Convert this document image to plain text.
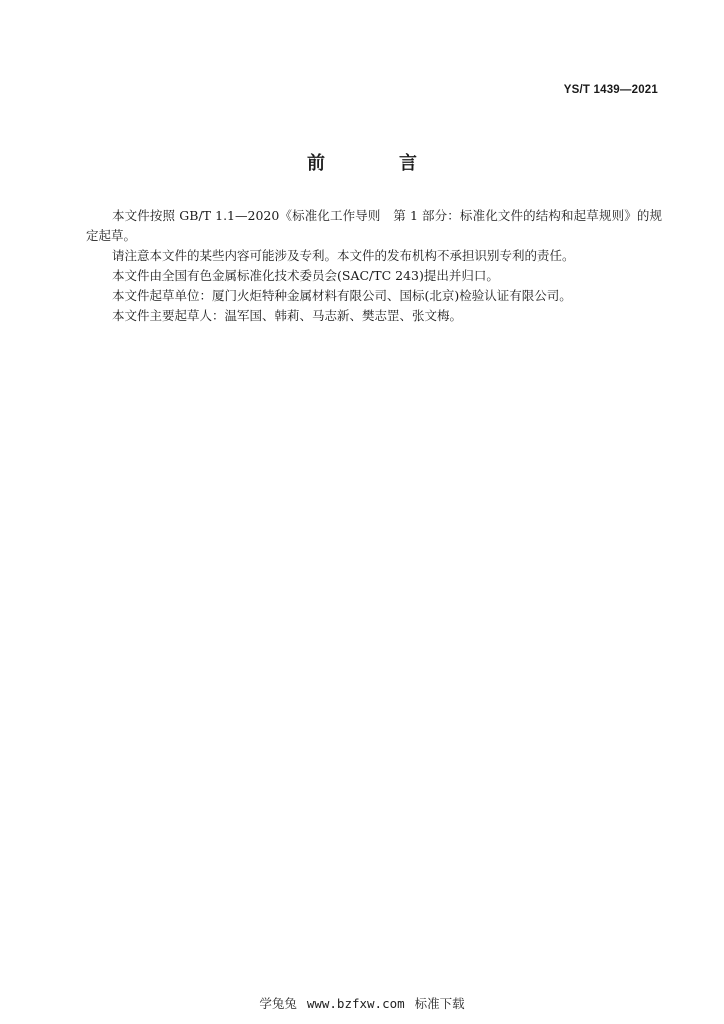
YS/T 1439—2021
前　言

本文件按照 GB/T 1.1—2020《标准化工作导则　第 1 部分：标准化文件的结构和起草规则》的规定起草。

请注意本文件的某些内容可能涉及专利。本文件的发布机构不承担识别专利的责任。

本文件由全国有色金属标准化技术委员会(SAC/TC 243)提出并归口。

本文件起草单位：厦门火炬特种金属材料有限公司、国标(北京)检验认证有限公司。

本文件主要起草人：温军国、韩莉、马志新、樊志罡、张文梅。

学兔兔 www.bzfxw.com 标准下载
